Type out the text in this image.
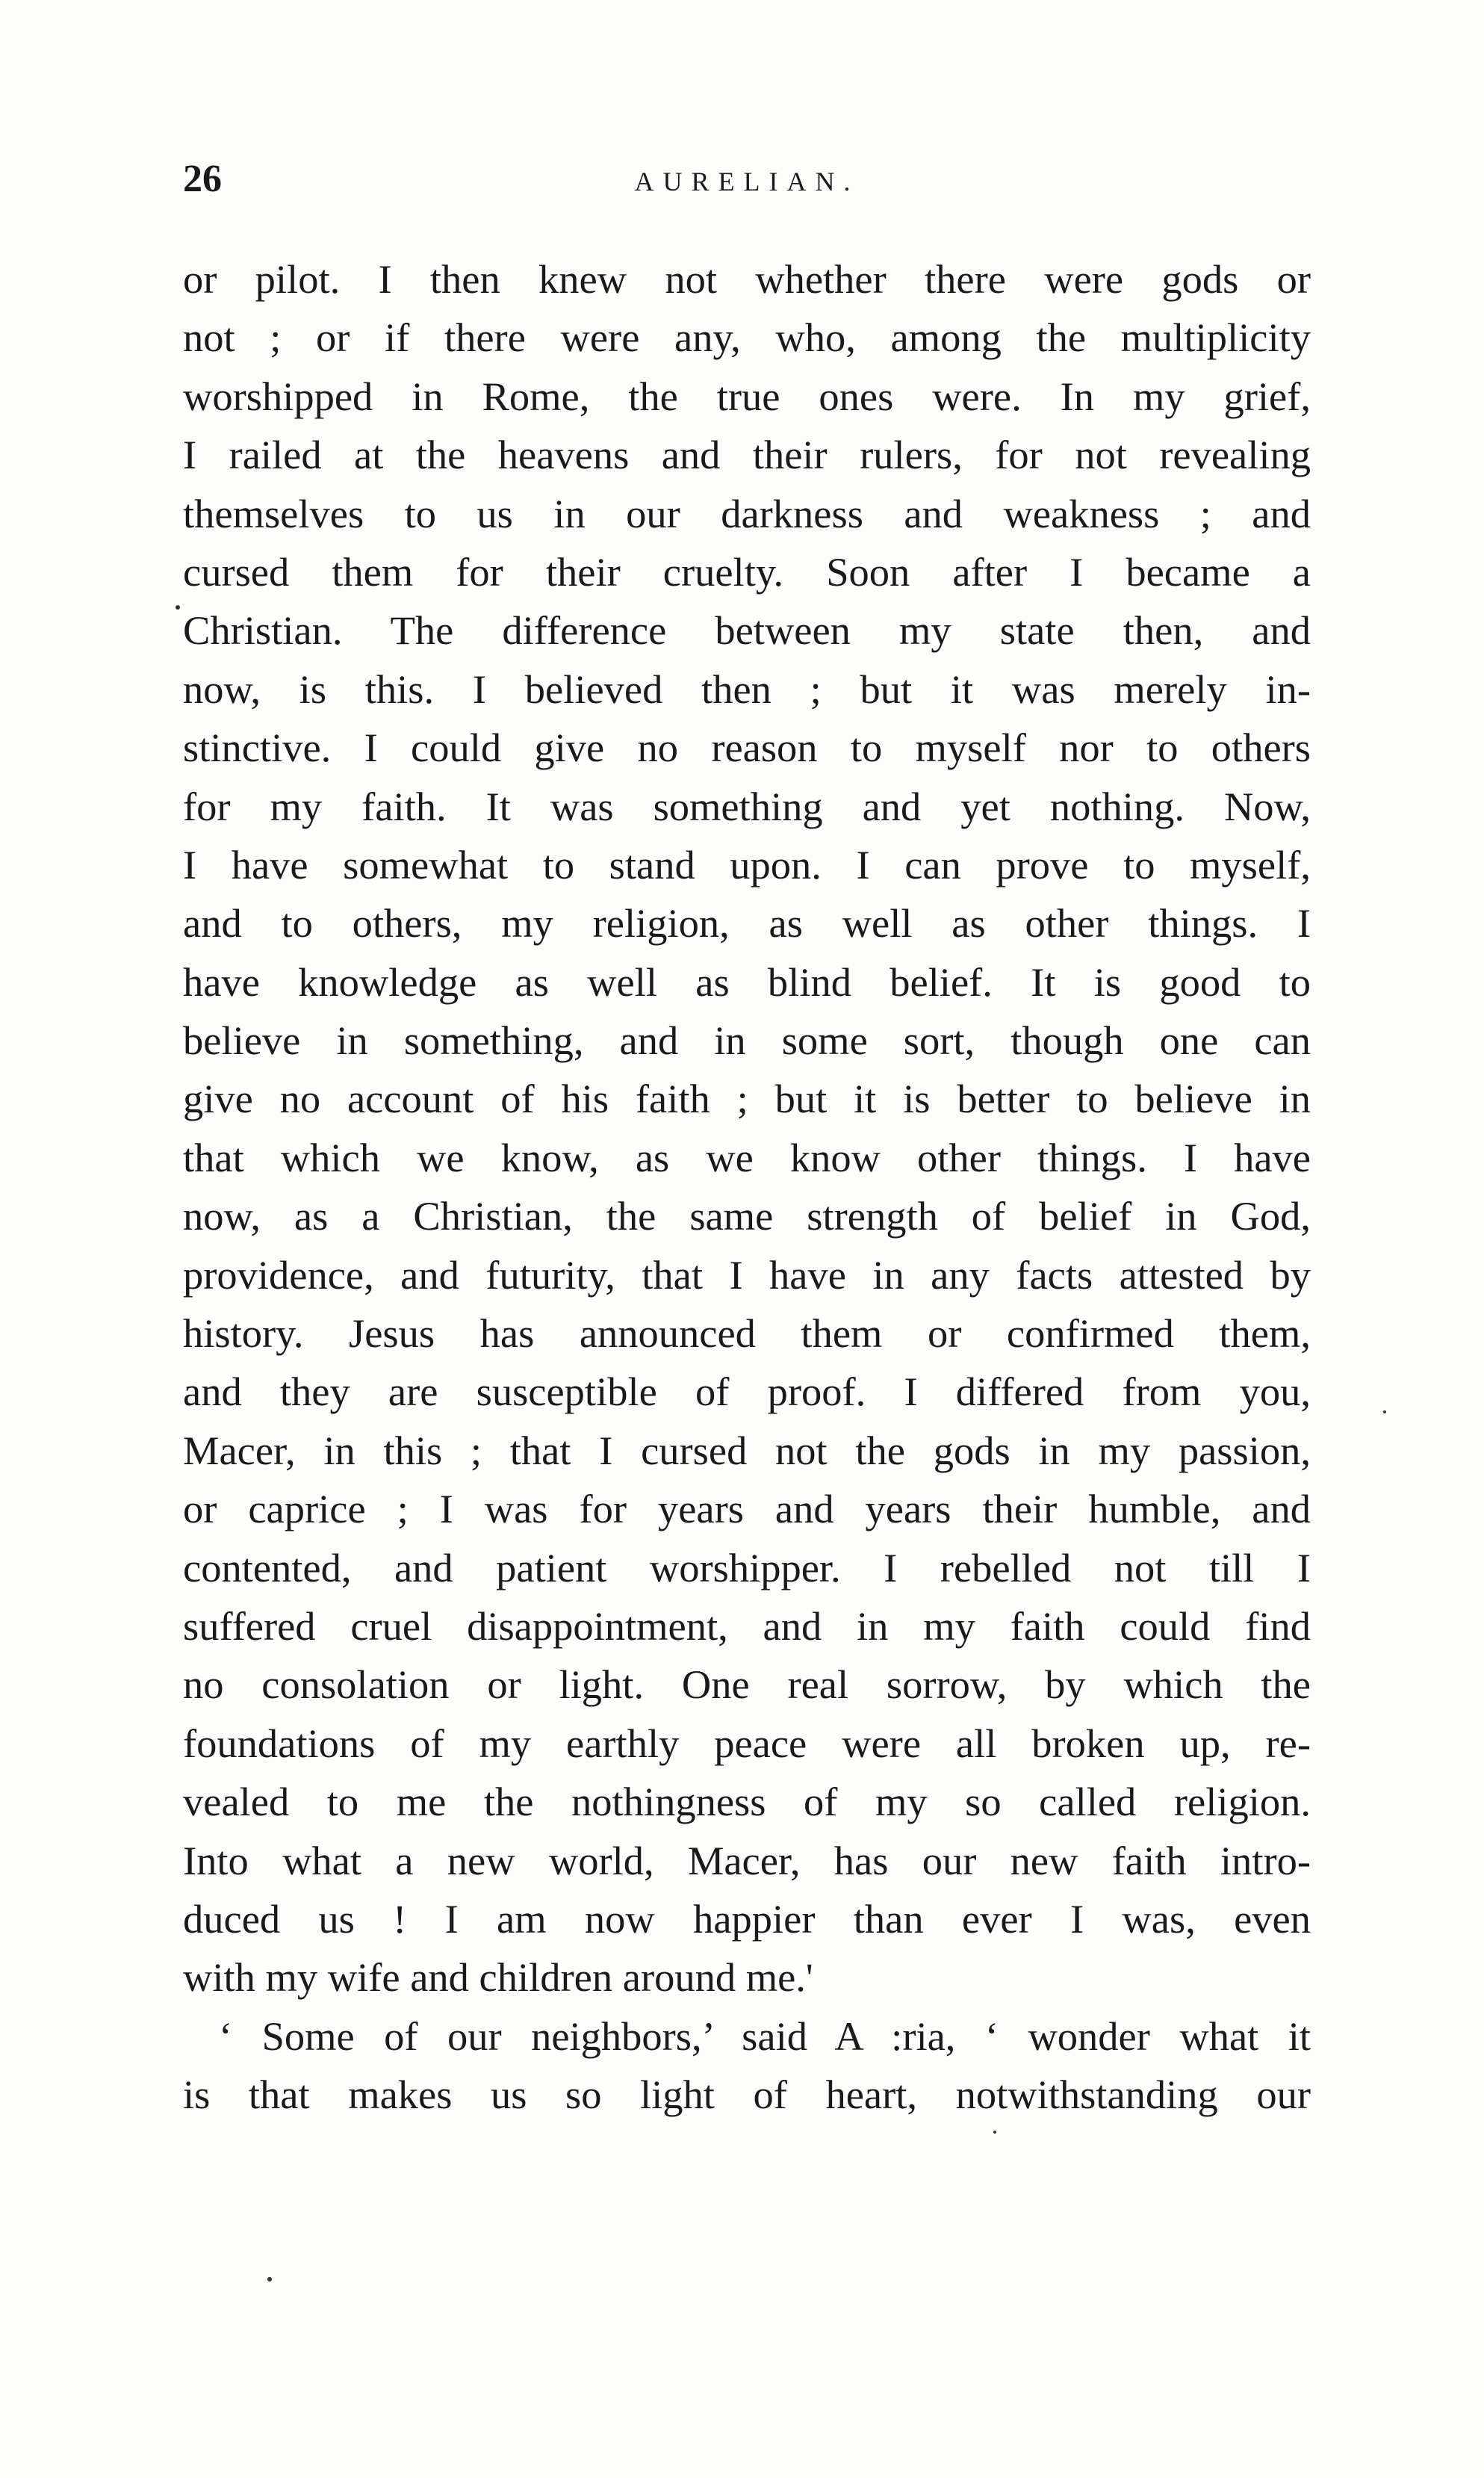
26	AURELIAN.
or pilot. I then knew not whether there were gods or
not ; or if there were any, who, among the multiplicity
worshipped in Rome, the true ones were. In my grief,
I railed at the heavens and their rulers, for not revealing
themselves to us in our darkness and weakness ; and
cursed them for their cruelty. Soon after I became a
Christian. The difference between my state then, and
now, is this. I believed then ; but it was merely in-
stinctive. I could give no reason to myself nor to others
for my faith. It was something and yet nothing. Now,
I have somewhat to stand upon. I can prove to myself,
and to others, my religion, as well as other things. I
have knowledge as well as blind belief. It is good to
believe in something, and in some sort, though one can
give no account of his faith ; but it is better to believe in
that which we know, as we know other things. I have
now, as a Christian, the same strength of belief in God,
providence, and futurity, that I have in any facts attested by
history. Jesus has announced them or confirmed them,
and they are susceptible of proof. I differed from you,
Macer, in this ; that I cursed not the gods in my passion,
or caprice ; I was for years and years their humble, and
contented, and patient worshipper. I rebelled not till I
suffered cruel disappointment, and in my faith could find
no consolation or light. One real sorrow, by which the
foundations of my earthly peace were all broken up, re-
vealed to me the nothingness of my so called religion.
Into what a new world, Macer, has our new faith intro-
duced us ! I am now happier than ever I was, even
with my wife and children around me.'
‘ Some of our neighbors,’ said A :ria, ‘ wonder what it
is that makes us so light of heart, notwithstanding our
